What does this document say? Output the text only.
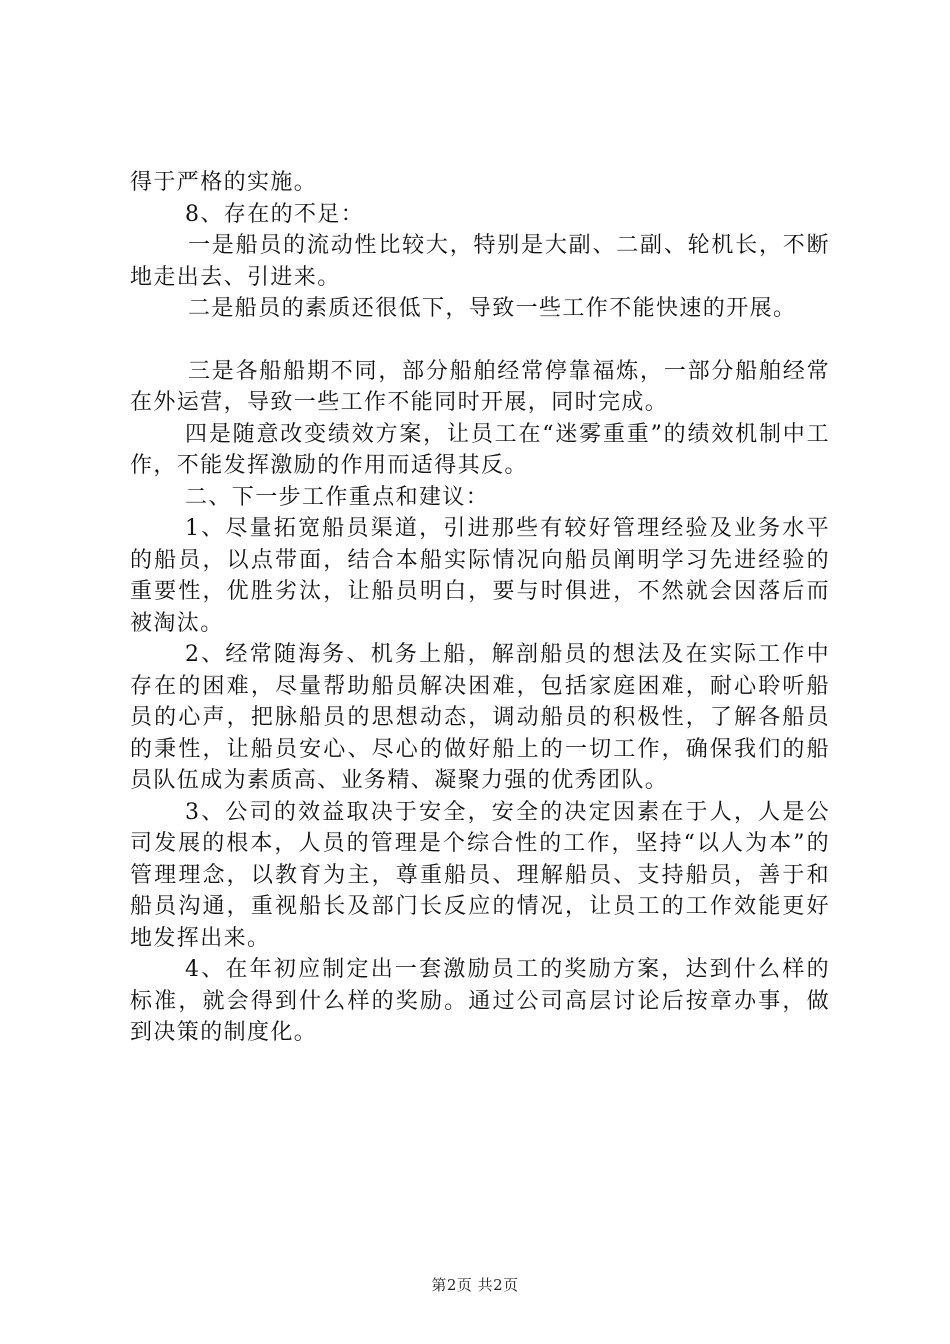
得于严格的实施。

8、存在的不足：

一是船员的流动性比较大，特别是大副、二副、轮机长，不断地走出去、引进来。

二是船员的素质还很低下，导致一些工作不能快速的开展。

三是各船船期不同，部分船舶经常停靠福炼，一部分船舶经常在外运营，导致一些工作不能同时开展，同时完成。

四是随意改变绩效方案，让员工在“迷雾重重”的绩效机制中工作，不能发挥激励的作用而适得其反。

二、下一步工作重点和建议：

1、尽量拓宽船员渠道，引进那些有较好管理经验及业务水平的船员，以点带面，结合本船实际情况向船员阐明学习先进经验的重要性，优胜劣汰，让船员明白，要与时俱进，不然就会因落后而被淘汰。

2、经常随海务、机务上船，解剖船员的想法及在实际工作中存在的困难，尽量帮助船员解决困难，包括家庭困难，耐心聆听船员的心声，把脉船员的思想动态，调动船员的积极性，了解各船员的秉性，让船员安心、尽心的做好船上的一切工作，确保我们的船员队伍成为素质高、业务精、凝聚力强的优秀团队。

3、公司的效益取决于安全，安全的决定因素在于人，人是公司发展的根本，人员的管理是个综合性的工作，坚持“以人为本”的管理理念，以教育为主，尊重船员、理解船员、支持船员，善于和船员沟通，重视船长及部门长反应的情况，让员工的工作效能更好地发挥出来。

4、在年初应制定出一套激励员工的奖励方案，达到什么样的标准，就会得到什么样的奖励。通过公司高层讨论后按章办事，做到决策的制度化。

第2页 共2页
